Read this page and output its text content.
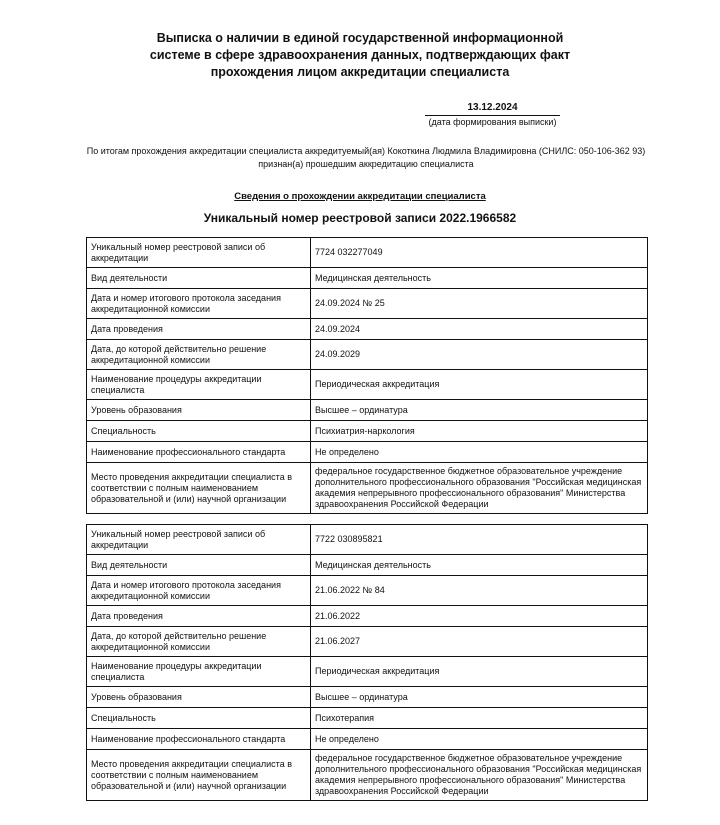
Выписка о наличии в единой государственной информационной
системе в сфере здравоохранения данных, подтверждающих факт
прохождения лицом аккредитации специалиста
13.12.2024
(дата формирования выписки)
По итогам прохождения аккредитации специалиста аккредитуемый(ая) Кокоткина Людмила Владимировна (СНИЛС: 050-106-362 93) признан(а) прошедшим аккредитацию специалиста
Сведения о прохождении аккредитации специалиста
Уникальный номер реестровой записи 2022.1966582
Уникальный номер реестровой записи об аккредитации	7724 032277049
Вид деятельности	Медицинская деятельность
Дата и номер итогового протокола заседания аккредитационной комиссии	24.09.2024 № 25
Дата проведения	24.09.2024
Дата, до которой действительно решение аккредитационной комиссии	24.09.2029
Наименование процедуры аккредитации специалиста	Периодическая аккредитация
Уровень образования	Высшее – ординатура
Специальность	Психиатрия-наркология
Наименование профессионального стандарта	Не определено
Место проведения аккредитации специалиста в соответствии с полным наименованием образовательной и (или) научной организации	федеральное государственное бюджетное образовательное учреждение дополнительного профессионального образования "Российская медицинская академия непрерывного профессионального образования" Министерства здравоохранения Российской Федерации
Уникальный номер реестровой записи об аккредитации	7722 030895821
Вид деятельности	Медицинская деятельность
Дата и номер итогового протокола заседания аккредитационной комиссии	21.06.2022 № 84
Дата проведения	21.06.2022
Дата, до которой действительно решение аккредитационной комиссии	21.06.2027
Наименование процедуры аккредитации специалиста	Периодическая аккредитация
Уровень образования	Высшее – ординатура
Специальность	Психотерапия
Наименование профессионального стандарта	Не определено
Место проведения аккредитации специалиста в соответствии с полным наименованием образовательной и (или) научной организации	федеральное государственное бюджетное образовательное учреждение дополнительного профессионального образования "Российская медицинская академия непрерывного профессионального образования" Министерства здравоохранения Российской Федерации
